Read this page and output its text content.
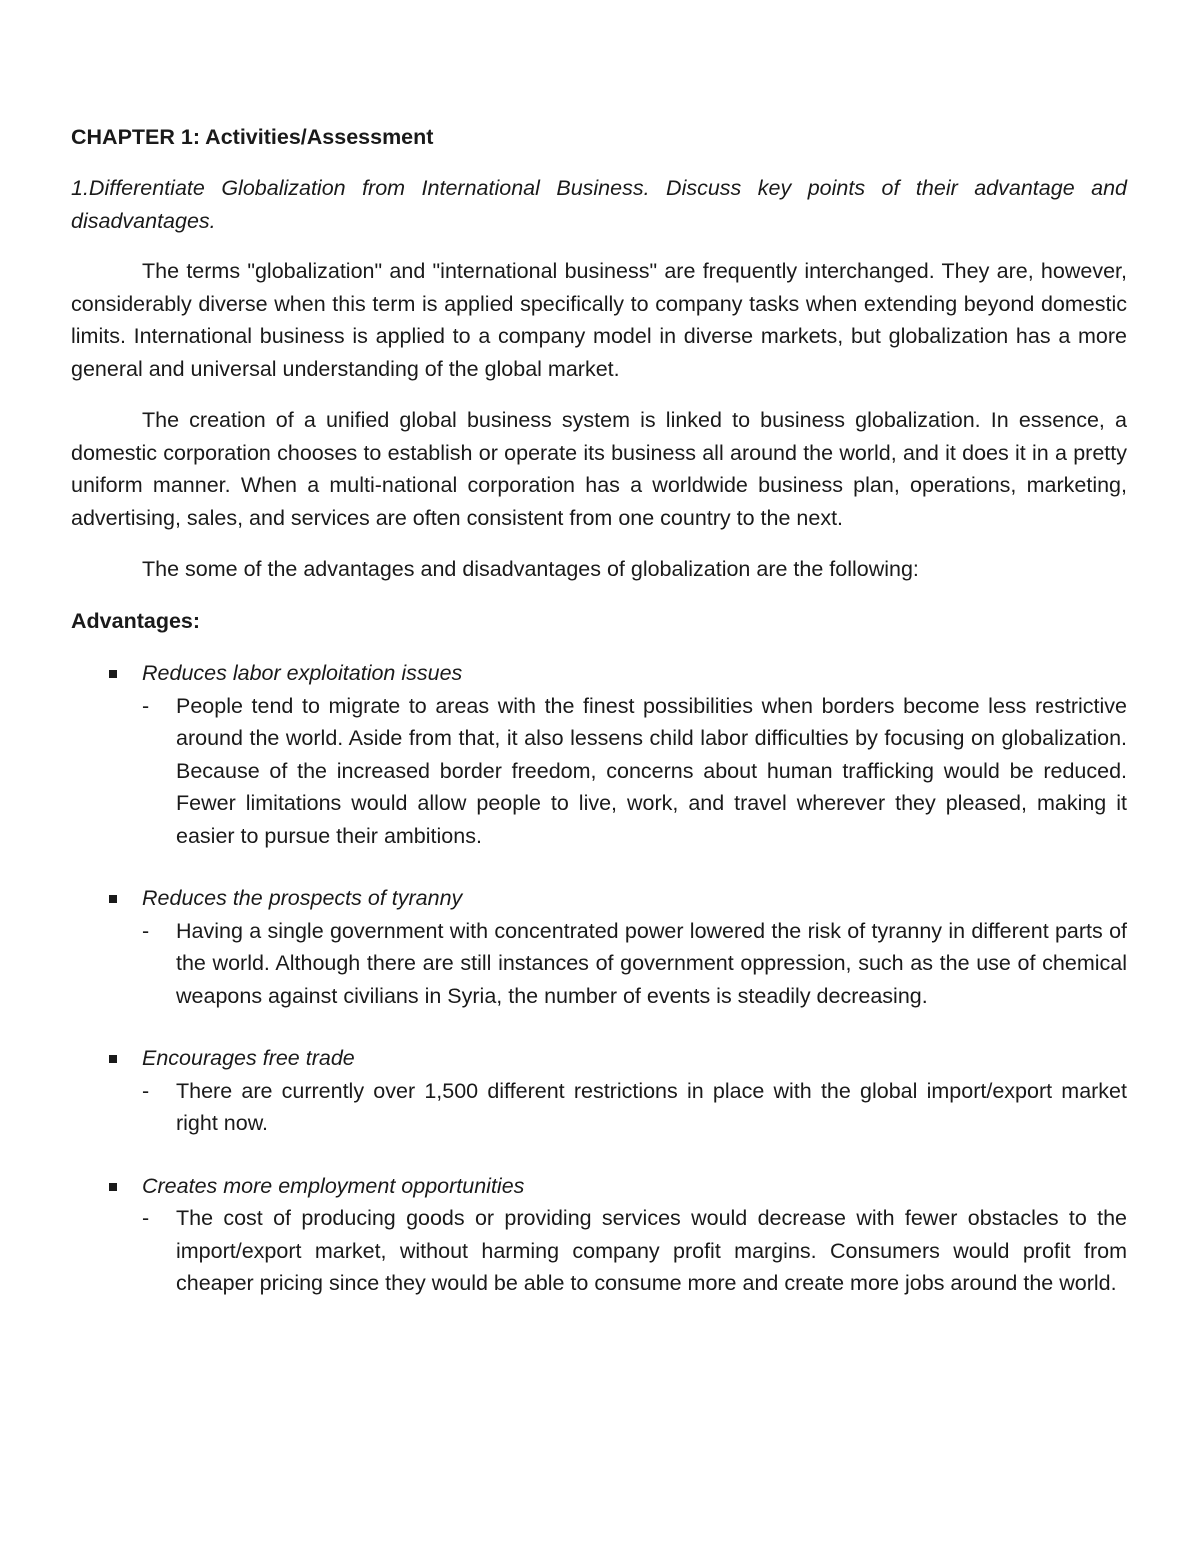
CHAPTER 1: Activities/Assessment
1.Differentiate Globalization from International Business. Discuss key points of their advantage and disadvantages.

The terms "globalization" and "international business" are frequently interchanged. They are, however, considerably diverse when this term is applied specifically to company tasks when extending beyond domestic limits. International business is applied to a company model in diverse markets, but globalization has a more general and universal understanding of the global market.

The creation of a unified global business system is linked to business globalization. In essence, a domestic corporation chooses to establish or operate its business all around the world, and it does it in a pretty uniform manner. When a multi-national corporation has a worldwide business plan, operations, marketing, advertising, sales, and services are often consistent from one country to the next.

The some of the advantages and disadvantages of globalization are the following:

Advantages:
Reduces labor exploitation issues

- People tend to migrate to areas with the finest possibilities when borders become less restrictive around the world. Aside from that, it also lessens child labor difficulties by focusing on globalization. Because of the increased border freedom, concerns about human trafficking would be reduced. Fewer limitations would allow people to live, work, and travel wherever they pleased, making it easier to pursue their ambitions.

Reduces the prospects of tyranny

- Having a single government with concentrated power lowered the risk of tyranny in different parts of the world. Although there are still instances of government oppression, such as the use of chemical weapons against civilians in Syria, the number of events is steadily decreasing.

Encourages free trade

- There are currently over 1,500 different restrictions in place with the global import/export market right now.

Creates more employment opportunities

- The cost of producing goods or providing services would decrease with fewer obstacles to the import/export market, without harming company profit margins. Consumers would profit from cheaper pricing since they would be able to consume more and create more jobs around the world.
